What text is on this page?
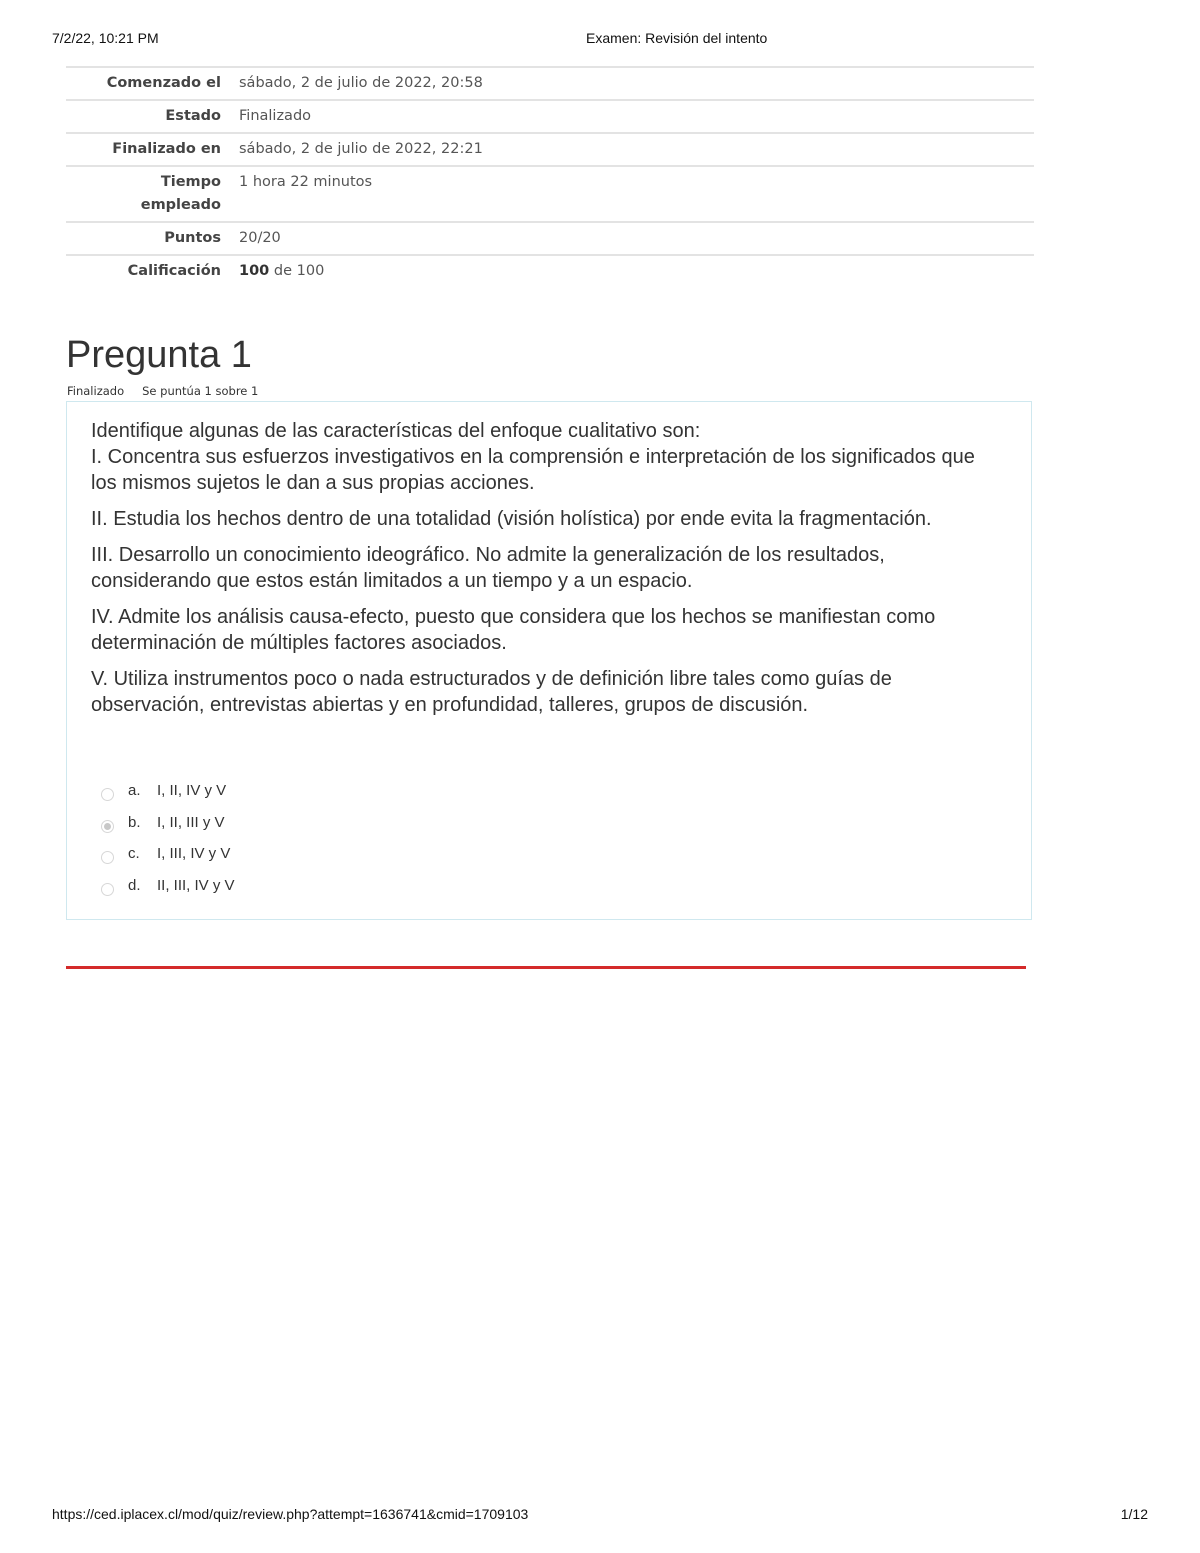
7/2/22, 10:21 PM	Examen: Revisión del intento
Comenzado el	sábado, 2 de julio de 2022, 20:58
Estado	Finalizado
Finalizado en	sábado, 2 de julio de 2022, 22:21
Tiempo
empleado	1 hora 22 minutos
Puntos	20/20
Calificación	100 de 100
Pregunta 1
Finalizado Se puntúa 1 sobre 1

Identifique algunas de las características del enfoque cualitativo son:

I. Concentra sus esfuerzos investigativos en la comprensión e interpretación de los significados que los mismos sujetos le dan a sus propias acciones.

II. Estudia los hechos dentro de una totalidad (visión holística) por ende evita la fragmentación.

III. Desarrollo un conocimiento ideográfico. No admite la generalización de los resultados, considerando que estos están limitados a un tiempo y a un espacio.

IV. Admite los análisis causa-efecto, puesto que considera que los hechos se manifiestan como determinación de múltiples factores asociados.

V. Utiliza instrumentos poco o nada estructurados y de definición libre tales como guías de observación, entrevistas abiertas y en profundidad, talleres, grupos de discusión.

a. I, II, IV y V
b. I, II, III y V
c. I, III, IV y V
d. II, III, IV y V
https://ced.iplacex.cl/mod/quiz/review.php?attempt=1636741&cmid=1709103	1/12
